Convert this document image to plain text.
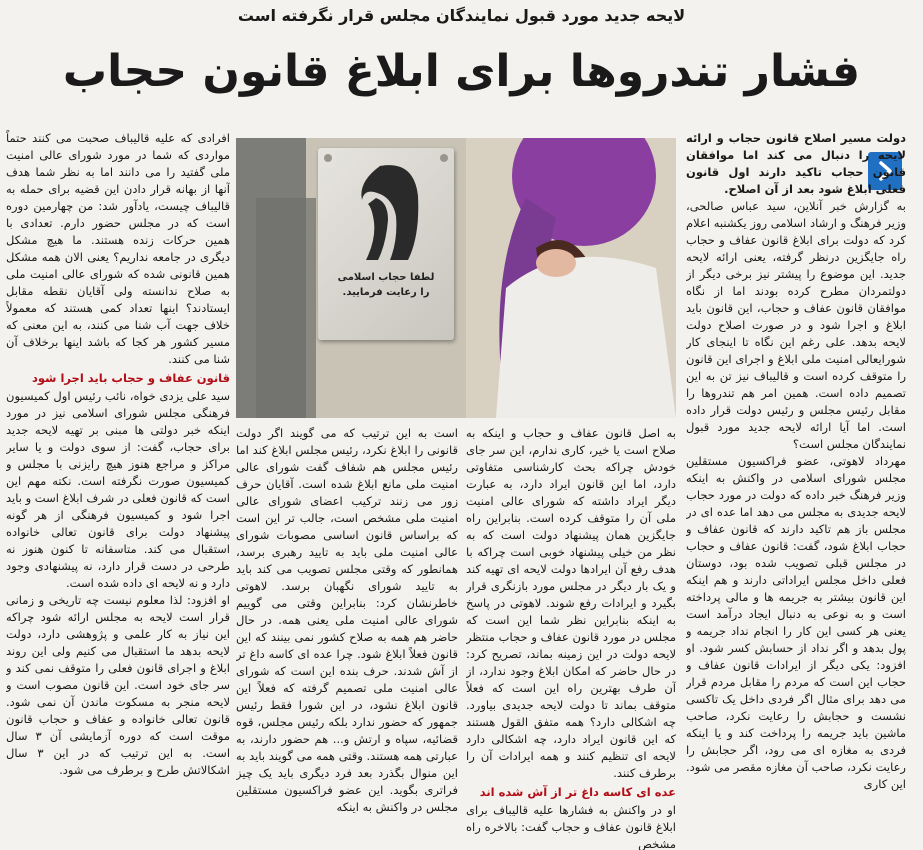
لایحه جدید مورد قبول نمایندگان مجلس قرار نگرفته است
فشار تندروها برای ابلاغ قانون حجاب
لطفا حجاب اسلامی
را رعایت فرمایید.

دولت مسیر اصلاح قانون حجاب و ارائه لایحه را دنبال می کند اما موافقان قانون حجاب تاکید دارند اول قانون فعلی ابلاغ شود بعد از آن اصلاح.

به گزارش خبر آنلاین، سید عباس صالحی، وزیر فرهنگ و ارشاد اسلامی روز یکشنبه اعلام کرد که دولت برای ابلاغ قانون عفاف و حجاب راه جایگزین درنظر گرفته، یعنی ارائه لایحه جدید. این موضوع را پیشتر نیز برخی دیگر از دولتمردان مطرح کرده بودند اما از نگاه موافقان قانون عفاف و حجاب، این قانون باید ابلاغ و اجرا شود و در صورت اصلاح دولت لایحه بدهد. علی رغم این نگاه تا اینجای کار شورایعالی امنیت ملی ابلاغ و اجرای این قانون را متوقف کرده است و قالیباف نیز تن به این تصمیم داده است. همین امر هم تندروها را مقابل رئیس مجلس و رئیس دولت قرار داده است. اما آیا ارائه لایحه جدید مورد قبول نمایندگان مجلس است؟

مهرداد لاهوتی، عضو فراکسیون مستقلین مجلس شورای اسلامی در واکنش به اینکه وزیر فرهنگ خبر داده که دولت در مورد حجاب لایحه جدیدی به مجلس می دهد اما عده ای در مجلس باز هم تاکید دارند که قانون عفاف و حجاب ابلاغ شود، گفت: قانون عفاف و حجاب در مجلس قبلی تصویب شده بود، دوستان فعلی داخل مجلس ایراداتی دارند و هم اینکه این قانون بیشتر به جریمه ها و مالی پرداخته است و به نوعی به دنبال ایجاد درآمد است یعنی هر کسی این کار را انجام نداد جریمه و پول بدهد و اگر نداد از حسابش کسر شود. او افزود: یکی دیگر از ایرادات قانون عفاف و حجاب این است که مردم را مقابل مردم قرار می دهد برای مثال اگر فردی داخل یک تاکسی نشست و حجابش را رعایت نکرد، صاحب ماشین باید جریمه را پرداخت کند و یا اینکه فردی به مغازه ای می رود، اگر حجابش را رعایت نکرد، صاحب آن مغازه مقصر می شود. این کاری

به اصل قانون عفاف و حجاب و اینکه به صلاح است یا خیر، کاری ندارم، این سر جای خودش چراکه بحث کارشناسی متفاوتی دارد، اما این قانون ایراد دارد، به عبارت دیگر ایراد داشته که شورای عالی امنیت ملی آن را متوقف کرده است. بنابراین راه جایگزین همان پیشنهاد دولت است که به نظر من خیلی پیشنهاد خوبی است چراکه با هدف رفع آن ایرادها دولت لایحه ای تهیه کند و یک بار دیگر در مجلس مورد بازنگری قرار بگیرد و ایرادات رفع شوند. لاهوتی در پاسخ به اینکه بنابراین نظر شما این است که مجلس در مورد قانون عفاف و حجاب منتظر لایحه دولت در این زمینه بماند، تصریح کرد: در حال حاضر که امکان ابلاغ وجود ندارد، از آن طرف بهترین راه این است که فعلاً متوقف بماند تا دولت لایحه جدیدی بیاورد. چه اشکالی دارد؟ همه متفق القول هستند که این قانون ایراد دارد، چه اشکالی دارد لایحه ای تنظیم کنند و همه ایرادات آن را برطرف کنند.

عده ای کاسه داغ تر از آش شده اند

او در واکنش به فشارها علیه قالیباف برای ابلاغ قانون عفاف و حجاب گفت: بالاخره راه مشخص

است به این ترتیب که می گویند اگر دولت قانونی را ابلاغ نکرد، رئیس مجلس ابلاغ کند اما رئیس مجلس هم شفاف گفت شورای عالی امنیت ملی مانع ابلاغ شده است. آقایان حرف زور می زنند ترکیب اعضای شورای عالی امنیت ملی مشخص است، جالب تر این است که براساس قانون اساسی مصوبات شورای عالی امنیت ملی باید به تایید رهبری برسد، همانطور که وقتی مجلس تصویب می کند باید به تایید شورای نگهبان برسد. لاهوتی خاطرنشان کرد: بنابراین وقتی می گوییم شورای عالی امنیت ملی یعنی همه. در حال حاضر هم همه به صلاح کشور نمی بینند که این قانون فعلاً ابلاغ شود. چرا عده ای کاسه داغ تر از آش شدند. حرف بنده این است که شورای عالی امنیت ملی تصمیم گرفته که فعلاً این قانون ابلاغ نشود، در این شورا فقط رئیس جمهور که حضور ندارد بلکه رئیس مجلس، قوه قضائیه، سپاه و ارتش و... هم حضور دارند، به عبارتی همه هستند. وقتی همه می گویند باید به این منوال بگذرد بعد فرد دیگری باید یک چیز فراتری بگوید. این عضو فراکسیون مستقلین مجلس در واکنش به اینکه

افرادی که علیه قالیباف صحبت می کنند حتماً مواردی که شما در مورد شورای عالی امنیت ملی گفتید را می دانند اما به نظر شما هدف آنها از بهانه قرار دادن این قضیه برای حمله به قالیباف چیست، یادآور شد: من چهارمین دوره است که در مجلس حضور دارم. تعدادی با همین حرکات زنده هستند. ما هیچ مشکل دیگری در جامعه نداریم؟ یعنی الان همه مشکل همین قانونی شده که شورای عالی امنیت ملی به صلاح ندانسته ولی آقایان نقطه مقابل ایستادند؟ اینها تعداد کمی هستند که معمولاً خلاف جهت آب شنا می کنند، به این معنی که مسیر کشور هر کجا که باشد اینها برخلاف آن شنا می کنند.

قانون عفاف و حجاب باید اجرا شود

سید علی یزدی خواه، نائب رئیس اول کمیسیون فرهنگی مجلس شورای اسلامی نیز در مورد اینکه خبر دولتی ها مبنی بر تهیه لایحه جدید برای حجاب، گفت: از سوی دولت و یا سایر مراکز و مراجع هنوز هیچ رایزنی با مجلس و کمیسیون صورت نگرفته است. نکته مهم این است که قانون فعلی در شرف ابلاغ است و باید اجرا شود و کمیسیون فرهنگی از هر گونه پیشنهاد دولت برای قانون تعالی خانواده استقبال می کند. متاسفانه تا کنون هنوز نه طرحی در دست قرار دارد، نه پیشنهادی وجود دارد و نه لایحه ای داده شده است.

او افزود: لذا معلوم نیست چه تاریخی و زمانی قرار است لایحه به مجلس ارائه شود چراکه این نیاز به کار علمی و پژوهشی دارد، دولت لایحه بدهد ما استقبال می کنیم ولی این روند ابلاغ و اجرای قانون فعلی را متوقف نمی کند و سر جای خود است. این قانون مصوب است و لایحه منجر به مسکوت ماندن آن نمی شود. قانون تعالی خانواده و عفاف و حجاب قانون موقت است که دوره آزمایشی آن ۳ سال است. به این ترتیب که در این ۳ سال اشکالاتش طرح و برطرف می شود.
